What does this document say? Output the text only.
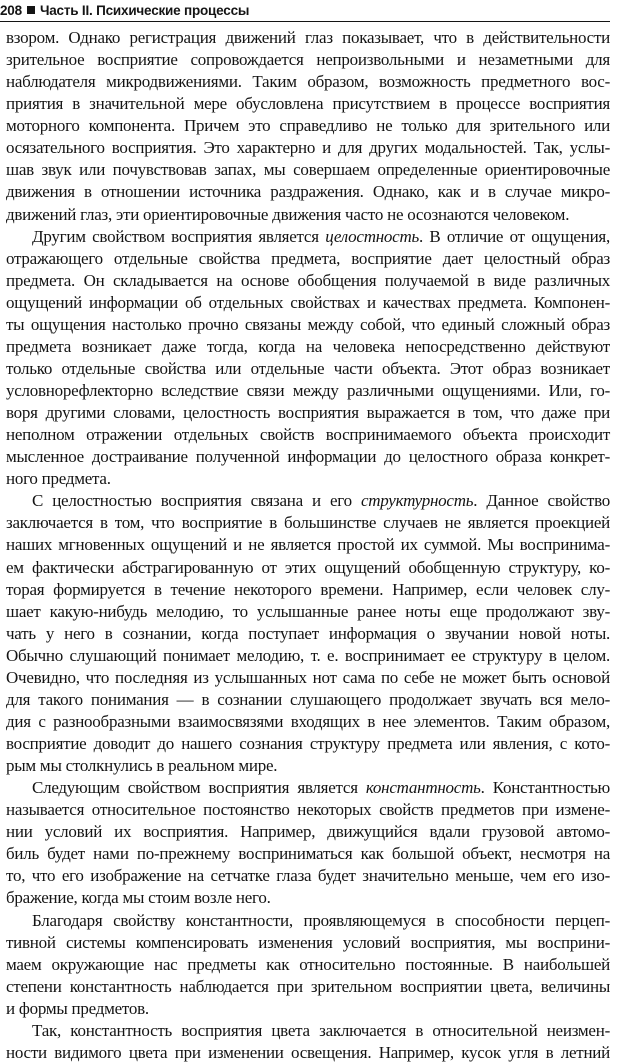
208 Часть II. Психические процессы
взором. Однако регистрация движений глаз показывает, что в действительности
зрительное восприятие сопровождается непроизвольными и незаметными для
наблюдателя микродвижениями. Таким образом, возможность предметного вос-
приятия в значительной мере обусловлена присутствием в процессе восприятия
моторного компонента. Причем это справедливо не только для зрительного или
осязательного восприятия. Это характерно и для других модальностей. Так, услы-
шав звук или почувствовав запах, мы совершаем определенные ориентировочные
движения в отношении источника раздражения. Однако, как и в случае микро-
движений глаз, эти ориентировочные движения часто не осознаются человеком.
Другим свойством восприятия является целостность. В отличие от ощущения,
отражающего отдельные свойства предмета, восприятие дает целостный образ
предмета. Он складывается на основе обобщения получаемой в виде различных
ощущений информации об отдельных свойствах и качествах предмета. Компонен-
ты ощущения настолько прочно связаны между собой, что единый сложный образ
предмета возникает даже тогда, когда на человека непосредственно действуют
только отдельные свойства или отдельные части объекта. Этот образ возникает
условнорефлекторно вследствие связи между различными ощущениями. Или, го-
воря другими словами, целостность восприятия выражается в том, что даже при
неполном отражении отдельных свойств воспринимаемого объекта происходит
мысленное достраивание полученной информации до целостного образа конкрет-
ного предмета.
С целостностью восприятия связана и его структурность. Данное свойство
заключается в том, что восприятие в большинстве случаев не является проекцией
наших мгновенных ощущений и не является простой их суммой. Мы воспринима-
ем фактически абстрагированную от этих ощущений обобщенную структуру, ко-
торая формируется в течение некоторого времени. Например, если человек слу-
шает какую-нибудь мелодию, то услышанные ранее ноты еще продолжают зву-
чать у него в сознании, когда поступает информация о звучании новой ноты.
Обычно слушающий понимает мелодию, т. е. воспринимает ее структуру в целом.
Очевидно, что последняя из услышанных нот сама по себе не может быть основой
для такого понимания — в сознании слушающего продолжает звучать вся мело-
дия с разнообразными взаимосвязями входящих в нее элементов. Таким образом,
восприятие доводит до нашего сознания структуру предмета или явления, с кото-
рым мы столкнулись в реальном мире.
Следующим свойством восприятия является константность. Константностью
называется относительное постоянство некоторых свойств предметов при измене-
нии условий их восприятия. Например, движущийся вдали грузовой автомо-
биль будет нами по-прежнему восприниматься как большой объект, несмотря на
то, что его изображение на сетчатке глаза будет значительно меньше, чем его изо-
бражение, когда мы стоим возле него.
Благодаря свойству константности, проявляющемуся в способности перцеп-
тивной системы компенсировать изменения условий восприятия, мы восприни-
маем окружающие нас предметы как относительно постоянные. В наибольшей
степени константность наблюдается при зрительном восприятии цвета, величины
и формы предметов.
Так, константность восприятия цвета заключается в относительной неизмен-
ности видимого цвета при изменении освещения. Например, кусок угля в летний
